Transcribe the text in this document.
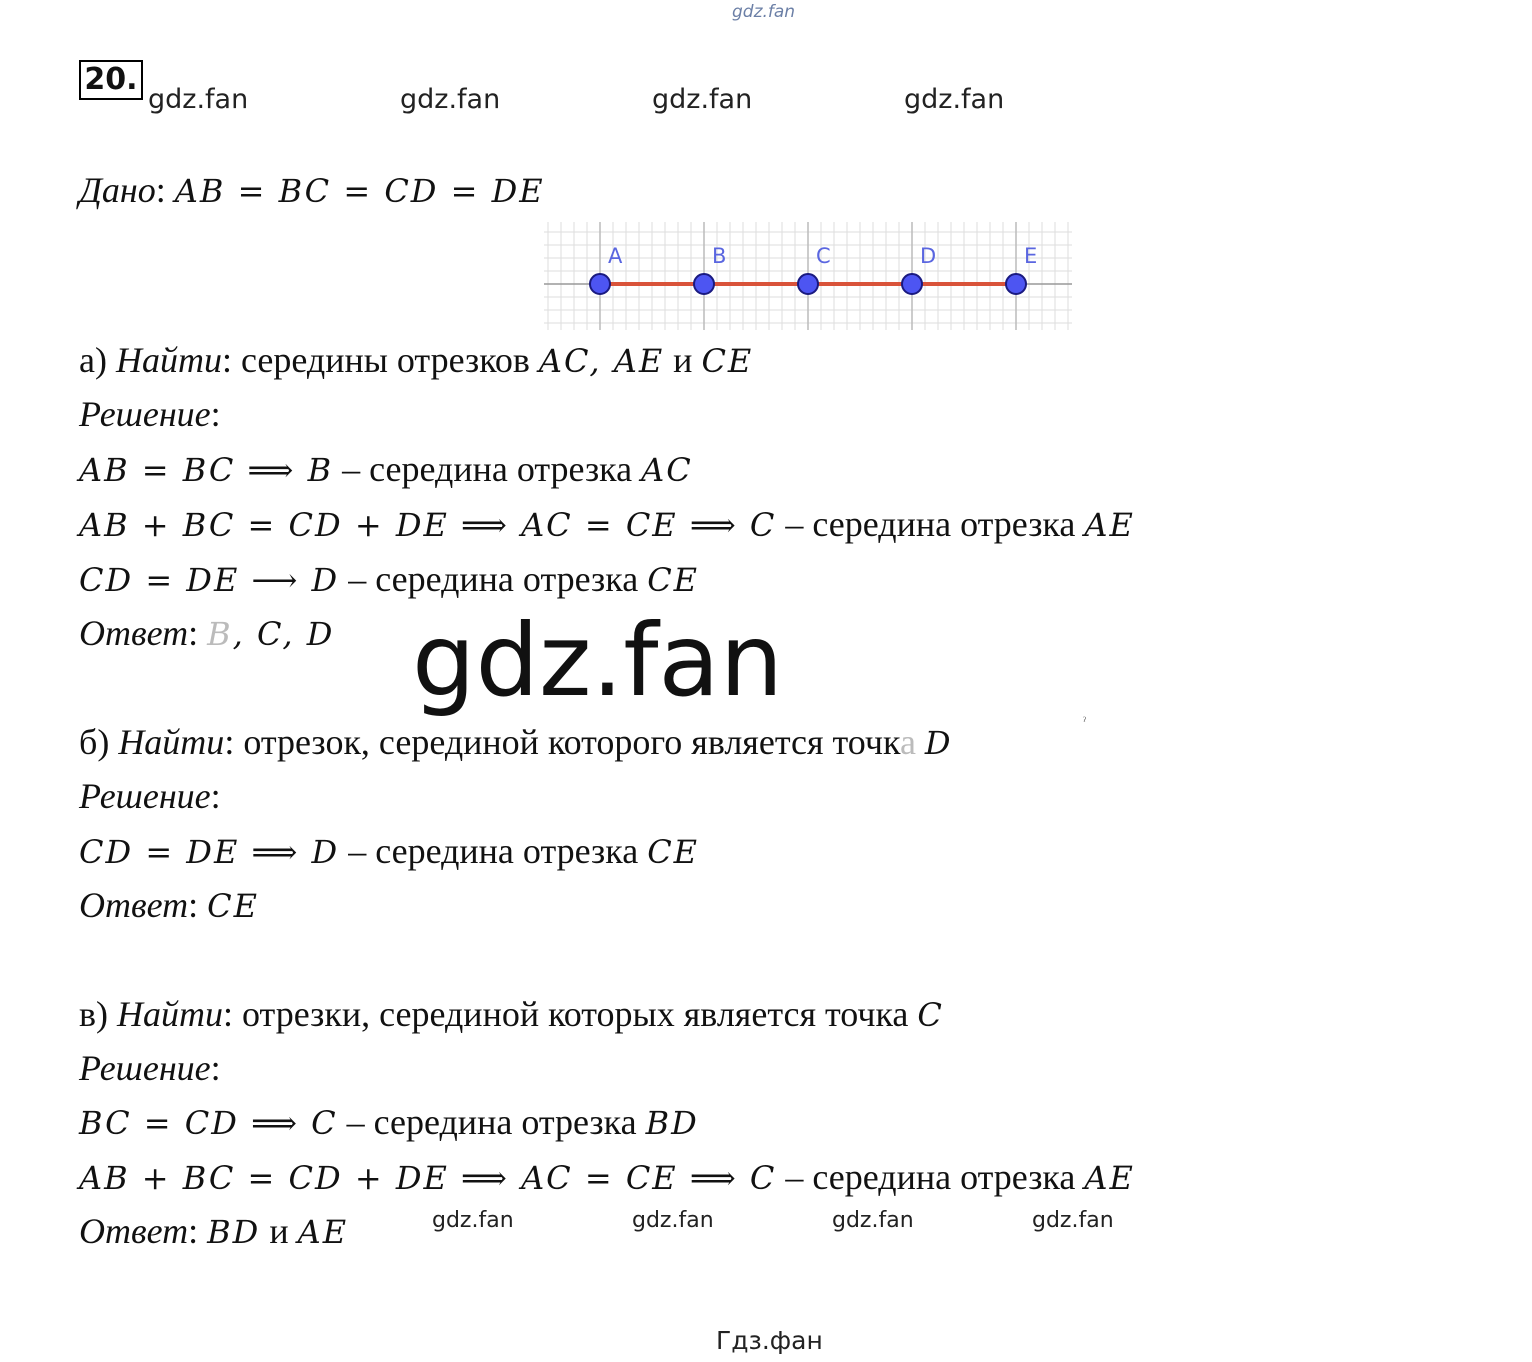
gdz.fan
gdz.fan	gdz.fan	gdz.fan	gdz.fan
20.
Дано: AB = BC = CD = DE
A	B	C	D	E
а) Найти: середины отрезков AC, AE и CE
Решение:
AB = BC ⟹ B – середина отрезка AC
AB + BC = CD + DE ⟹ AC = CE ⟹ C – середина отрезка AE
CD = DE ⟶ D – середина отрезка CE
Ответ: B, C, D gdz.fan
б) Найти: отрезок, серединой которого является точка D
ˀ
Решение:
CD = DE ⟹ D – середина отрезка CE
Ответ: CE
в) Найти: отрезки, серединой которых является точка C
Решение:
BC = CD ⟹ C – середина отрезка BD
AB + BC = CD + DE ⟹ AC = CE ⟹ C – середина отрезка AE
Ответ: BD и AE	gdz.fan	gdz.fan	gdz.fan	gdz.fan
Гдз.фан
